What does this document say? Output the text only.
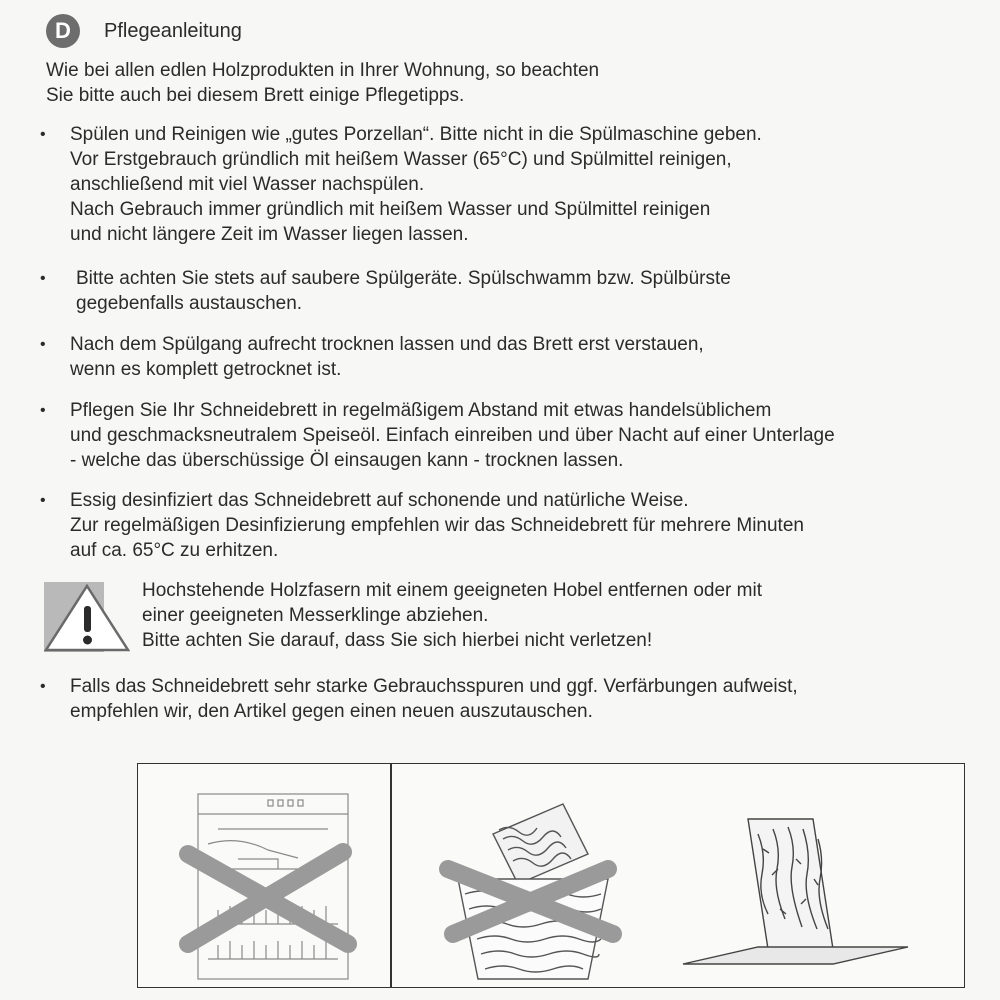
D	Pflegeanleitung
Wie bei allen edlen Holzprodukten in Ihrer Wohnung, so beachten
Sie bitte auch bei diesem Brett einige Pflegetipps.
• Spülen und Reinigen wie „gutes Porzellan“. Bitte nicht in die Spülmaschine geben.
Vor Erstgebrauch gründlich mit heißem Wasser (65°C) und Spülmittel reinigen,
anschließend mit viel Wasser nachspülen.
Nach Gebrauch immer gründlich mit heißem Wasser und Spülmittel reinigen
und nicht längere Zeit im Wasser liegen lassen.
• Bitte achten Sie stets auf saubere Spülgeräte. Spülschwamm bzw. Spülbürste
gegebenfalls austauschen.
• Nach dem Spülgang aufrecht trocknen lassen und das Brett erst verstauen,
wenn es komplett getrocknet ist.
• Pflegen Sie Ihr Schneidebrett in regelmäßigem Abstand mit etwas handelsüblichem
und geschmacksneutralem Speiseöl. Einfach einreiben und über Nacht auf einer Unterlage
- welche das überschüssige Öl einsaugen kann - trocknen lassen.
• Essig desinfiziert das Schneidebrett auf schonende und natürliche Weise.
Zur regelmäßigen Desinfizierung empfehlen wir das Schneidebrett für mehrere Minuten
auf ca. 65°C zu erhitzen.
Hochstehende Holzfasern mit einem geeigneten Hobel entfernen oder mit
einer geeigneten Messerklinge abziehen.
Bitte achten Sie darauf, dass Sie sich hierbei nicht verletzen!
• Falls das Schneidebrett sehr starke Gebrauchsspuren und ggf. Verfärbungen aufweist,
empfehlen wir, den Artikel gegen einen neuen auszutauschen.
